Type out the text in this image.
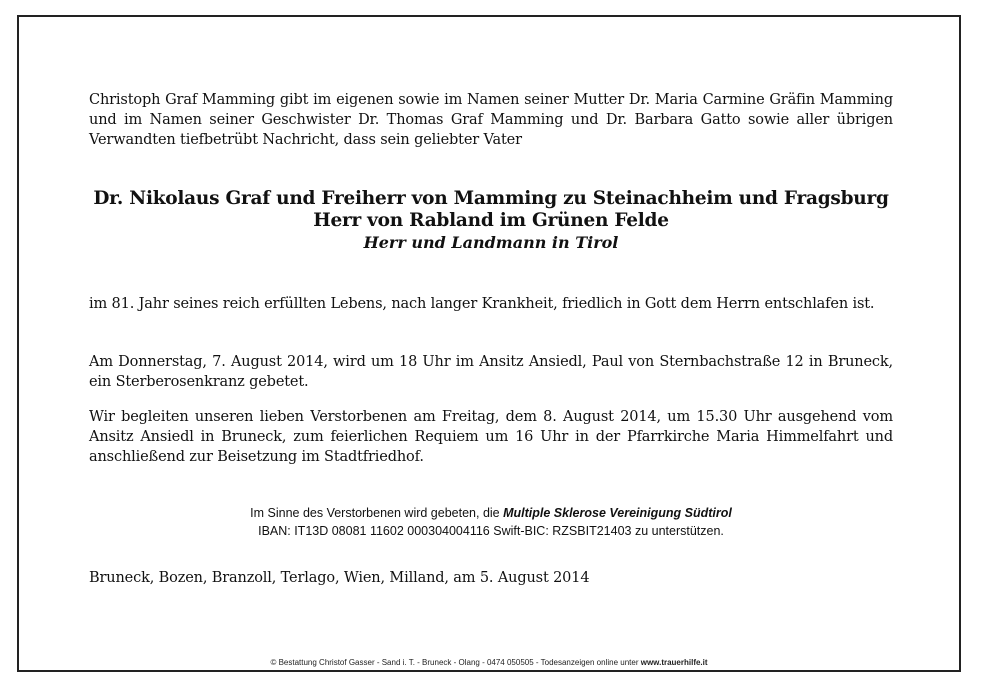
Christoph Graf Mamming gibt im eigenen sowie im Namen seiner Mutter Dr. Maria Carmine Gräfin Mamming und im Namen seiner Geschwister Dr. Thomas Graf Mamming und Dr. Barbara Gatto sowie aller übrigen Verwandten tiefbetrübt Nachricht, dass sein geliebter Vater

Dr. Nikolaus Graf und Freiherr von Mamming zu Steinachheim und Fragsburg
Herr von Rabland im Grünen Felde
Herr und Landmann in Tirol

im 81. Jahr seines reich erfüllten Lebens, nach langer Krankheit, friedlich in Gott dem Herrn entschlafen ist.

Am Donnerstag, 7. August 2014, wird um 18 Uhr im Ansitz Ansiedl, Paul von Sternbachstraße 12 in Bruneck, ein Sterberosenkranz gebetet.

Wir begleiten unseren lieben Verstorbenen am Freitag, dem 8. August 2014, um 15.30 Uhr ausgehend vom Ansitz Ansiedl in Bruneck, zum feierlichen Requiem um 16 Uhr in der Pfarrkirche Maria Himmelfahrt und anschließend zur Beisetzung im Stadtfriedhof.

Im Sinne des Verstorbenen wird gebeten, die Multiple Sklerose Vereinigung Südtirol
IBAN: IT13D 08081 11602 000304004116 Swift-BIC: RZSBIT21403 zu unterstützen.

Bruneck, Bozen, Branzoll, Terlago, Wien, Milland, am 5. August 2014

© Bestattung Christof Gasser - Sand i. T. - Bruneck - Olang - 0474 050505 - Todesanzeigen online unter www.trauerhilfe.it
